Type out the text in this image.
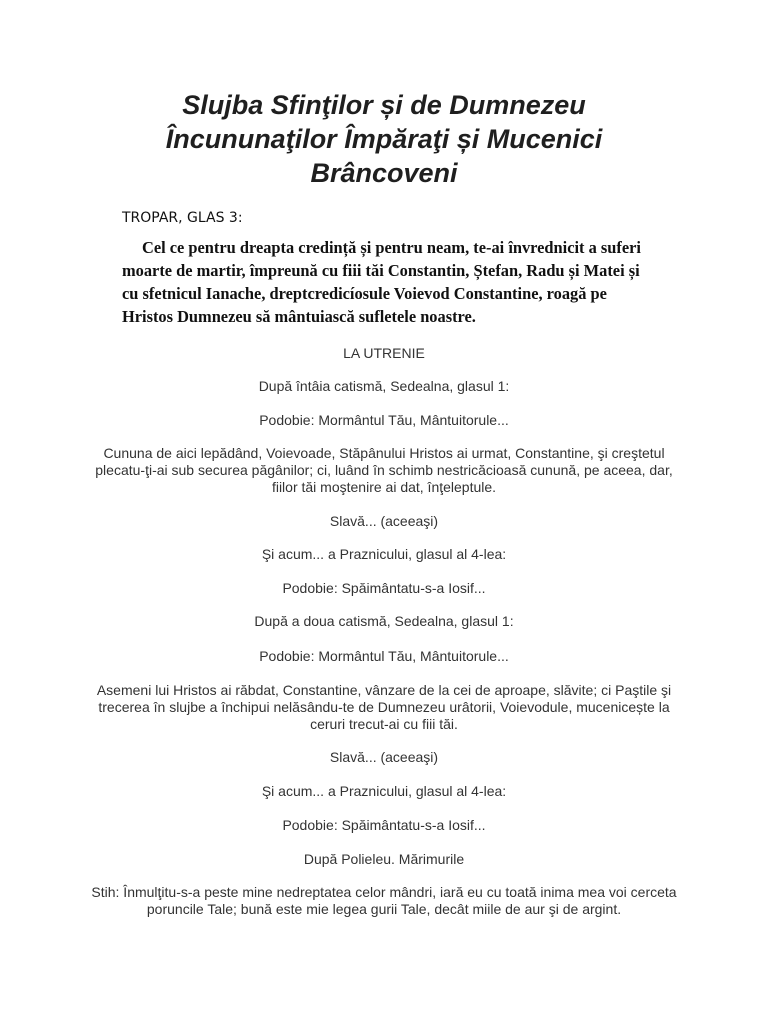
Slujba Sfinţilor și de Dumnezeu Încununaţilor Împăraţi și Mucenici Brâncoveni

TROPAR, GLAS 3:

Cel ce pentru dreapta credință și pentru neam, te-ai învrednicit a suferi moarte de martir, împreună cu fiii tăi Constantin, Ștefan, Radu și Matei și cu sfetnicul Ianache, dreptcredicíosule Voievod Constantine, roagă pe Hristos Dumnezeu să mântuiască sufletele noastre.

LA UTRENIE

După întâia catismă, Sedealna, glasul 1:

Podobie: Mormântul Tău, Mântuitorule...

Cununa de aici lepădând, Voievoade, Stăpânului Hristos ai urmat, Constantine, şi creştetul plecatu-ţi-ai sub securea păgânilor; ci, luând în schimb nestricăcioasă cunună, pe aceea, dar, fiilor tăi moştenire ai dat, înţeleptule.

Slavă... (aceeaşi)

Şi acum... a Praznicului, glasul al 4-lea:

Podobie: Spăimântatu-s-a Iosif...

După a doua catismă, Sedealna, glasul 1:

Podobie: Mormântul Tău, Mântuitorule...

Asemeni lui Hristos ai răbdat, Constantine, vânzare de la cei de aproape, slăvite; ci Paştile şi trecerea în slujbe a închipui nelăsându-te de Dumnezeu urâtorii, Voievodule, mucenicește la ceruri trecut-ai cu fiii tăi.

Slavă... (aceeaşi)

Şi acum... a Praznicului, glasul al 4-lea:

Podobie: Spăimântatu-s-a Iosif...

După Polieleu. Mărimurile

Stih: Înmulţitu-s-a peste mine nedreptatea celor mândri, iară eu cu toată inima mea voi cerceta poruncile Tale; bună este mie legea gurii Tale, decât miile de aur şi de argint.
